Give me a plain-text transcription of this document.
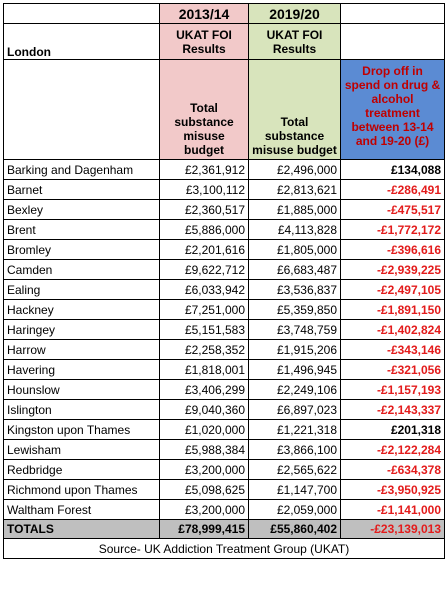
	2013/14	2019/20	
London	UKAT FOI Results	UKAT FOI Results	
	Total substance misuse budget	Total substance misuse budget	Drop off in spend on drug & alcohol treatment between 13-14 and 19-20 (£)
Barking and Dagenham	£2,361,912	£2,496,000	£134,088
Barnet	£3,100,112	£2,813,621	-£286,491
Bexley	£2,360,517	£1,885,000	-£475,517
Brent	£5,886,000	£4,113,828	-£1,772,172
Bromley	£2,201,616	£1,805,000	-£396,616
Camden	£9,622,712	£6,683,487	-£2,939,225
Ealing	£6,033,942	£3,536,837	-£2,497,105
Hackney	£7,251,000	£5,359,850	-£1,891,150
Haringey	£5,151,583	£3,748,759	-£1,402,824
Harrow	£2,258,352	£1,915,206	-£343,146
Havering	£1,818,001	£1,496,945	-£321,056
Hounslow	£3,406,299	£2,249,106	-£1,157,193
Islington	£9,040,360	£6,897,023	-£2,143,337
Kingston upon Thames	£1,020,000	£1,221,318	£201,318
Lewisham	£5,988,384	£3,866,100	-£2,122,284
Redbridge	£3,200,000	£2,565,622	-£634,378
Richmond upon Thames	£5,098,625	£1,147,700	-£3,950,925
Waltham Forest	£3,200,000	£2,059,000	-£1,141,000
TOTALS	£78,999,415	£55,860,402	-£23,139,013
Source- UK Addiction Treatment Group (UKAT)			
